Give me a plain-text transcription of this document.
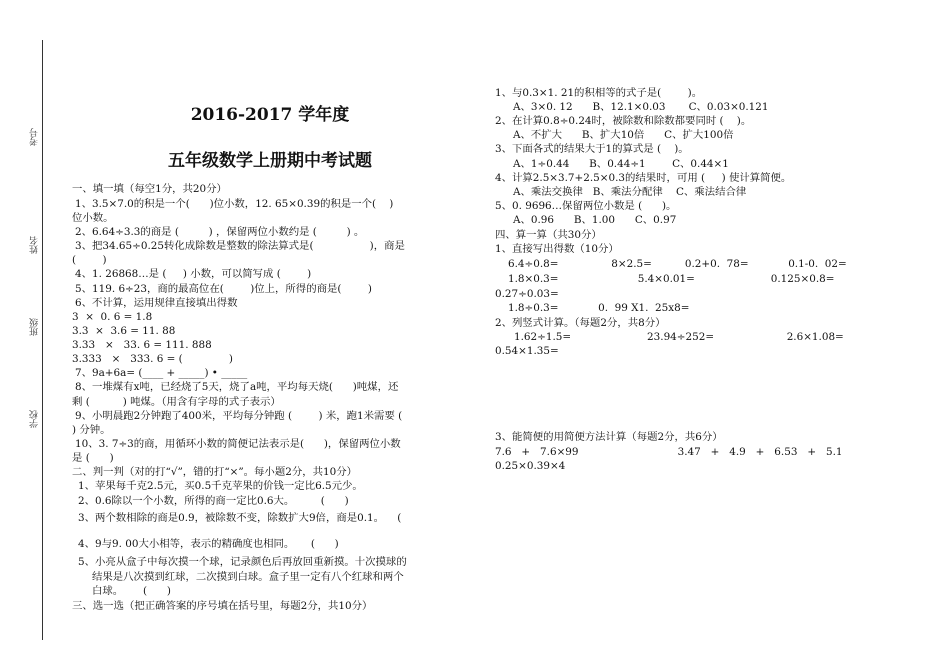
考号
姓名
班级
学校
2016-2017 学年度
五年级数学上册期中考试题
一、填一填（每空1分，共20分）
1、3.5×7.0的积是一个(      )位小数，12. 65×0.39的积是一个(    )
位小数。
2、6.64÷3.3的商是 (         ) ，保留两位小数约是 (         ) 。
3、把34.65÷0.25转化成除数是整数的除法算式是(                 )，商是
(        )
4、1. 26868…是 (     ) 小数，可以简写成 (        )
5、119. 6÷23，商的最高位在(        )位上，所得的商是(        )
6、不计算，运用规律直接填出得数
3  ×  0. 6 = 1.8
3.3  ×  3.6 = 11. 88
3.33   ×   33. 6 = 111. 888
3.333   ×   333. 6 = (              )
7、9a+6a= (____ + _____) • _____
8、一堆煤有x吨，已经烧了5天，烧了a吨，平均每天烧(      )吨煤，还
剩 (          ) 吨煤。（用含有字母的式子表示）
9、小明晨跑2分钟跑了400米，平均每分钟跑 (        ) 米，跑1米需要 (
) 分钟。
10、3. 7÷3的商，用循环小数的简便记法表示是(      )，保留两位小数
是 (      )
二、判一判（对的打“√”，错的打“×”。每小题2分，共10分）
1、苹果每千克2.5元，买0.5千克苹果的价钱一定比6.5元少。
2、0.6除以一个小数，所得的商一定比0.6大。        (      )
3、两个数相除的商是0.9，被除数不变，除数扩大9倍，商是0.1。    (
4、9与9. 00大小相等，表示的精确度也相同。     (      )
5、小亮从盒子中每次摸一个球，记录颜色后再放回重新摸。十次摸球的
结果是八次摸到红球，二次摸到白球。盒子里一定有八个红球和两个
白球。      (      )
三、选一选（把正确答案的序号填在括号里，每题2分，共10分）
1、与0.3×1. 21的积相等的式子是(        )。
A、3×0. 12      B、12.1×0.03       C、0.03×0.121
2、在计算0.8÷0.24时，被除数和除数都要同时 (    )。
A、不扩大      B、扩大10倍      C、扩大100倍
3、下面各式的结果大于1的算式是 (    )。
A、1÷0.44      B、0.44÷1        C、0.44×1
4、计算2.5×3.7+2.5×0.3的结果时，可用 (     ) 使计算简便。
A、乘法交换律   B、乘法分配律    C、乘法结合律
5、0. 9696…保留两位小数是 (      )。
A、0.96      B、1.00      C、0.97
四、算一算（共30分）
1、直接写出得数（10分）
6.4÷0.8=                8×2.5=          0.2+0.  78=            0.1-0.  02=
1.8×0.3=                        5.4×0.01=                       0.125×0.8=
0.27÷0.03=
1.8÷0.3=            0.  99 X1.  25x8=
2、列竖式计算。（每题2分，共8分）
1.62÷1.5=                       23.94÷252=                      2.6×1.08=
0.54×1.35=
3、能简便的用简便方法计算（每题2分，共6分）
7.6   +   7.6×99                              3.47   +   4.9   +   6.53   +   5.1
0.25×0.39×4
